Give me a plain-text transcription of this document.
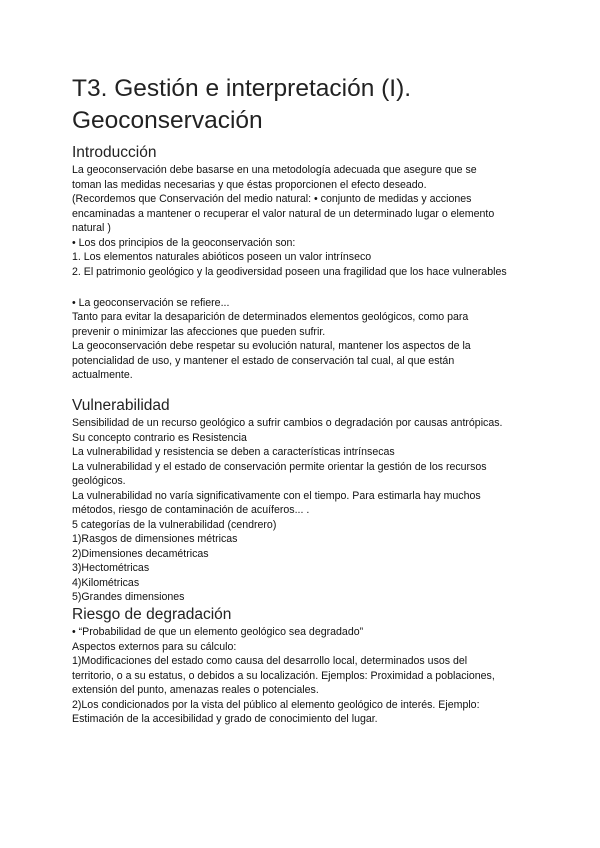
T3. Gestión e interpretación (I).
Geoconservación
Introducción
La geoconservación debe basarse en una metodología adecuada que asegure que se
toman las medidas necesarias y que éstas proporcionen el efecto deseado.
(Recordemos que Conservación del medio natural: • conjunto de medidas y acciones
encaminadas a mantener o recuperar el valor natural de un determinado lugar o elemento
natural )
• Los dos principios de la geoconservación son:
1. Los elementos naturales abióticos poseen un valor intrínseco
2. El patrimonio geológico y la geodiversidad poseen una fragilidad que los hace vulnerables
• La geoconservación se refiere...
Tanto para evitar la desaparición de determinados elementos geológicos, como para
prevenir o minimizar las afecciones que pueden sufrir.
La geoconservación debe respetar su evolución natural, mantener los aspectos de la
potencialidad de uso, y mantener el estado de conservación tal cual, al que están
actualmente.
Vulnerabilidad
Sensibilidad de un recurso geológico a sufrir cambios o degradación por causas antrópicas.
Su concepto contrario es Resistencia
La vulnerabilidad y resistencia se deben a características intrínsecas
La vulnerabilidad y el estado de conservación permite orientar la gestión de los recursos
geológicos.
La vulnerabilidad no varía significativamente con el tiempo. Para estimarla hay muchos
métodos, riesgo de contaminación de acuíferos... .
5 categorías de la vulnerabilidad (cendrero)
1)Rasgos de dimensiones métricas
2)Dimensiones decamétricas
3)Hectométricas
4)Kilométricas
5)Grandes dimensiones
Riesgo de degradación
• “Probabilidad de que un elemento geológico sea degradado”
Aspectos externos para su cálculo:
1)Modificaciones del estado como causa del desarrollo local, determinados usos del
territorio, o a su estatus, o debidos a su localización. Ejemplos: Proximidad a poblaciones,
extensión del punto, amenazas reales o potenciales.
2)Los condicionados por la vista del público al elemento geológico de interés. Ejemplo:
Estimación de la accesibilidad y grado de conocimiento del lugar.
